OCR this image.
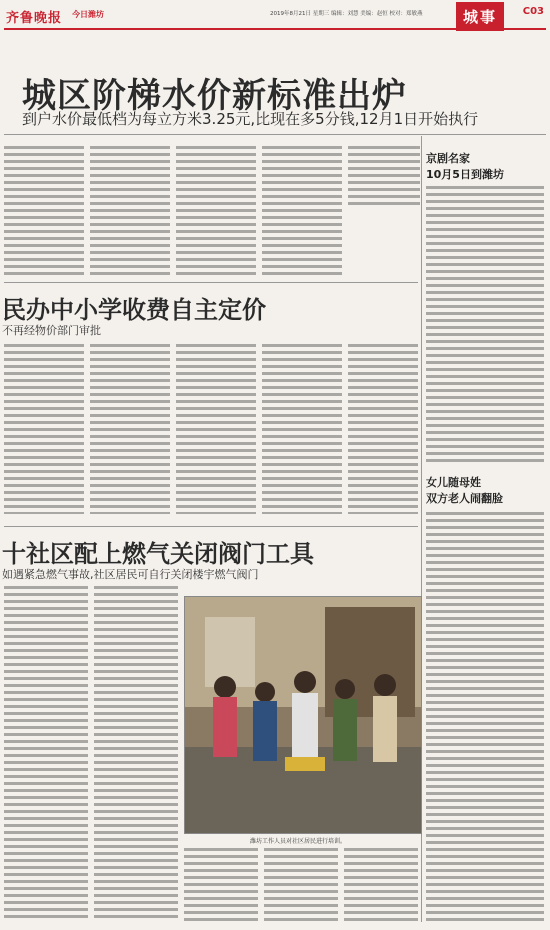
齐鲁晚报 今日潍坊	2019年8月21日 星期三 编辑：刘慧 美编：赵恒 校对：郑敏燕	城事	C03
城区阶梯水价新标准出炉
到户水价最低档为每立方米3.25元,比现在多5分钱,12月1日开始执行
京剧名家
10月5日到潍坊
女儿随母姓
双方老人闹翻脸
民办中小学收费自主定价
不再经物价部门审批
十社区配上燃气关闭阀门工具
如遇紧急燃气事故,社区居民可自行关闭楼宇燃气阀门
潍坊工作人员对社区居民进行培训。
